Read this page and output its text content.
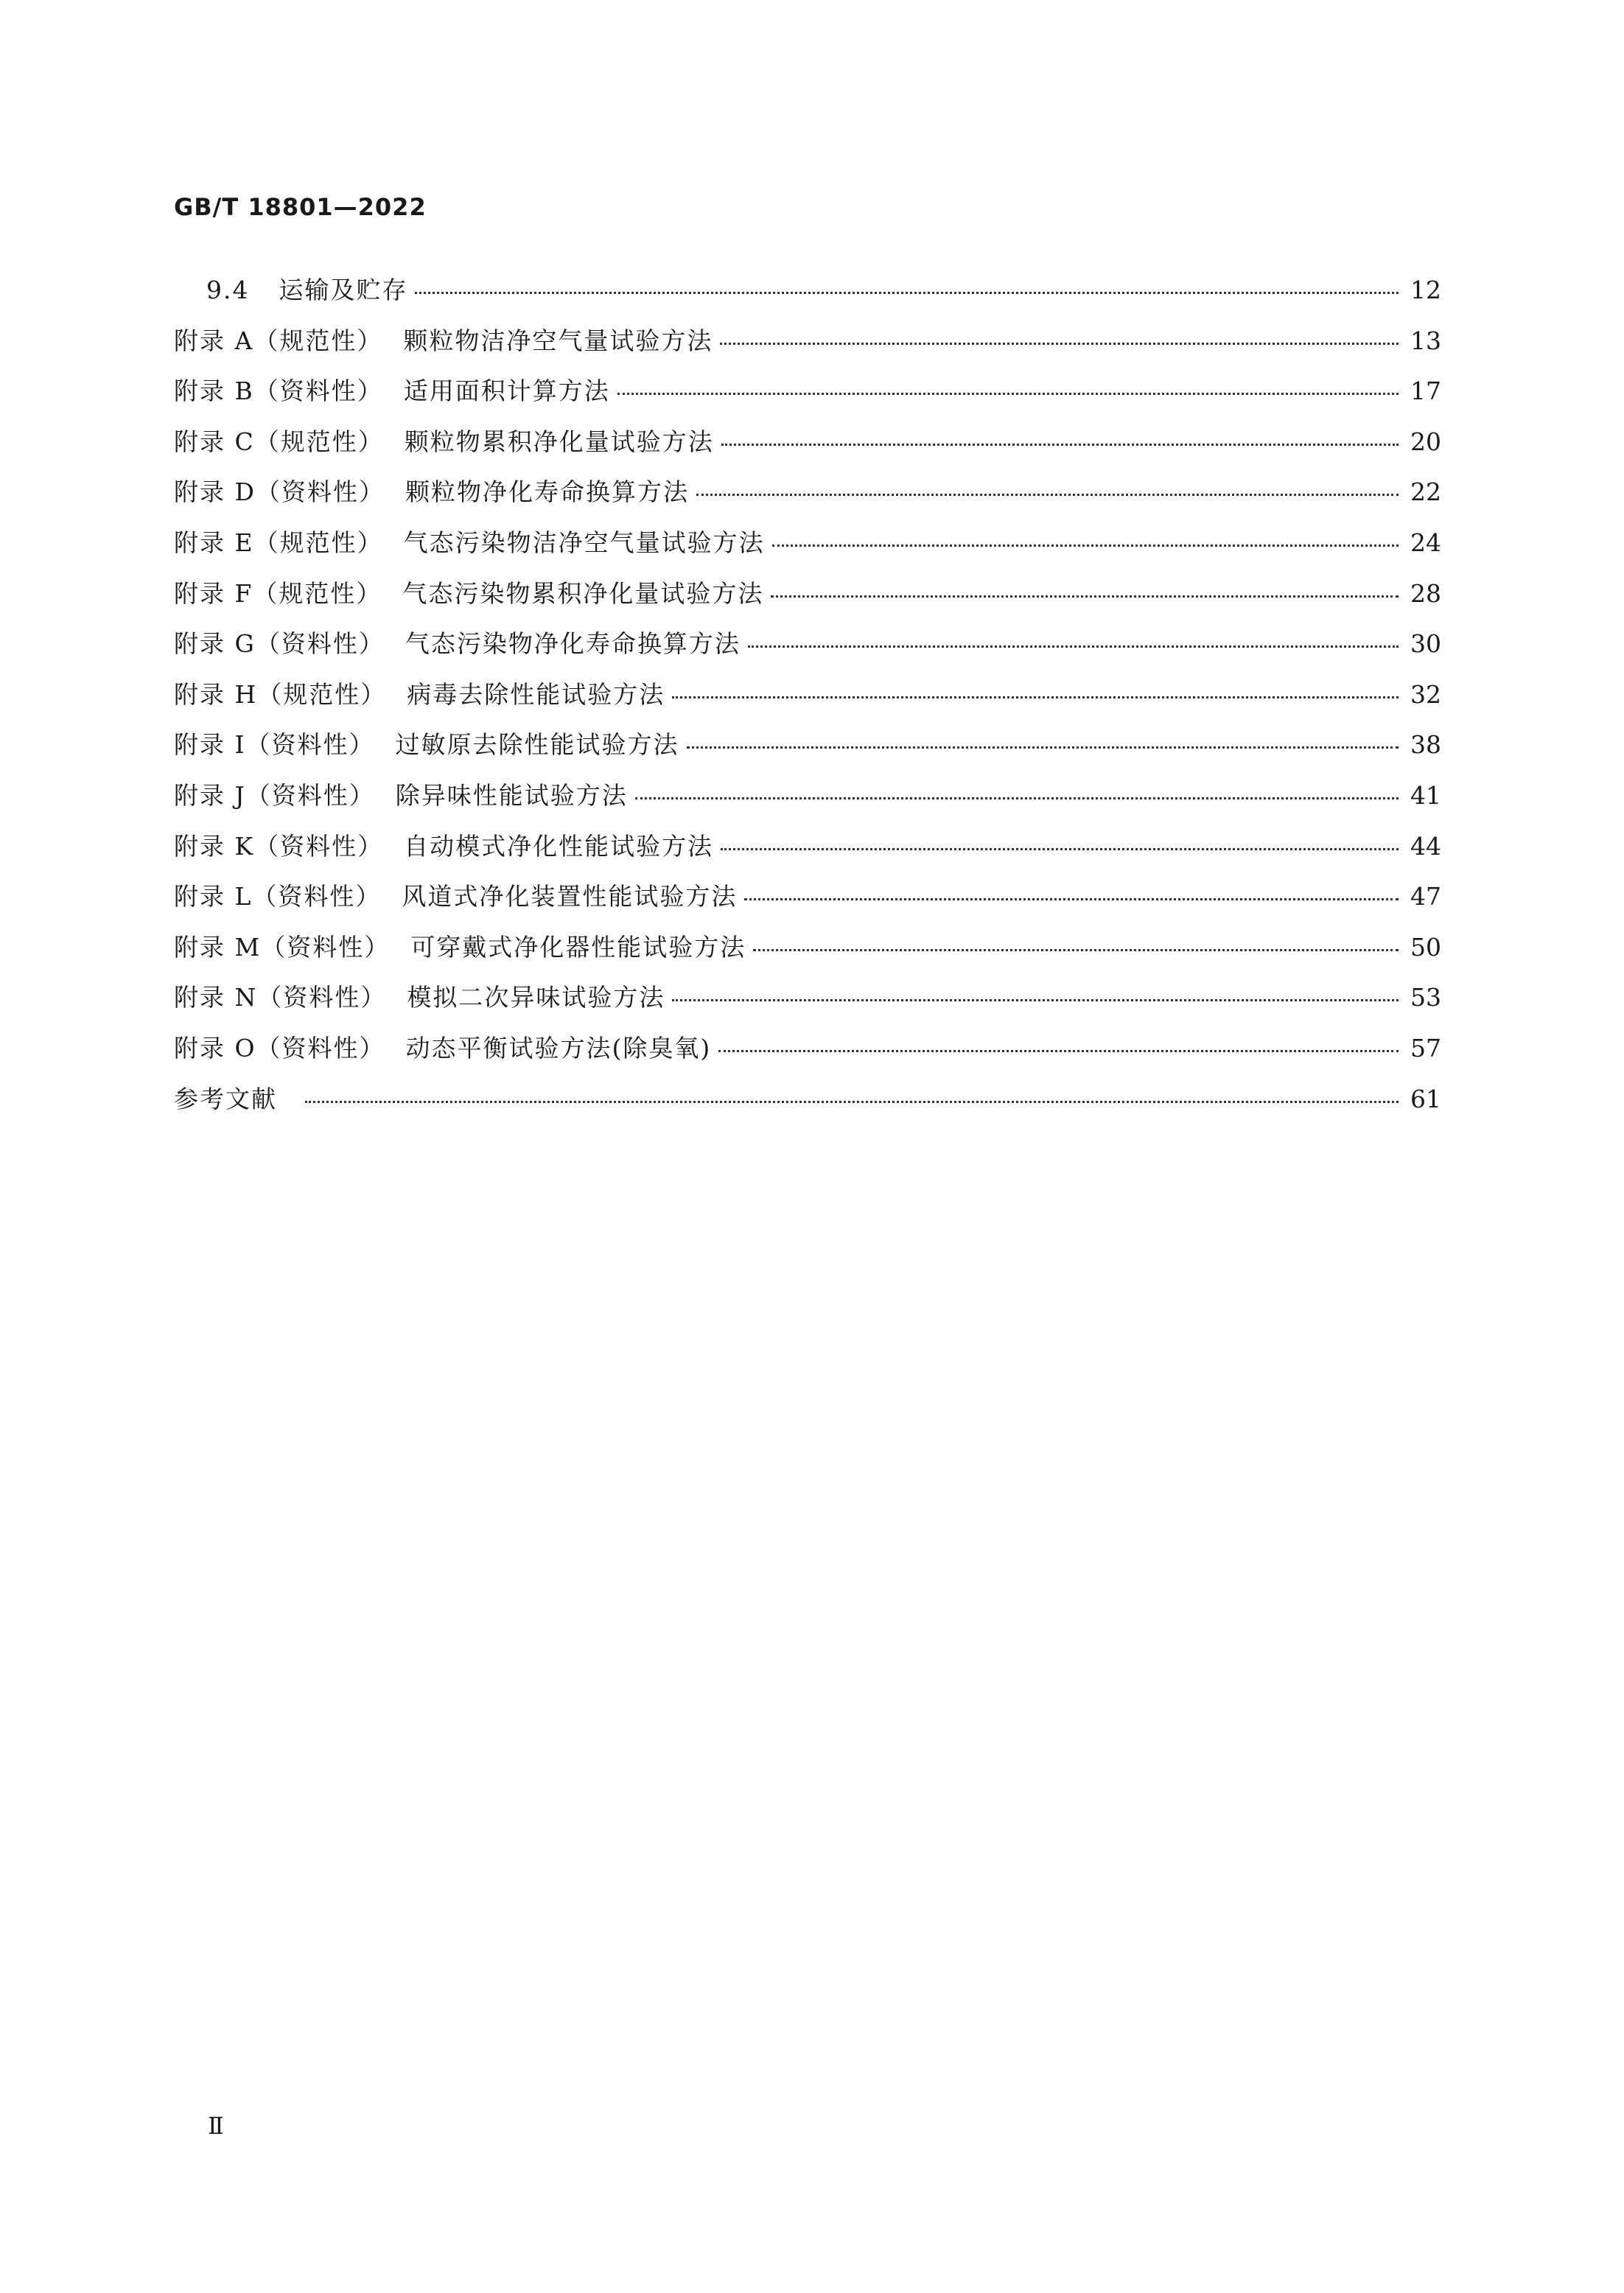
GB/T 18801—2022
9.4 运输及贮存	12
附录 A（规范性） 颗粒物洁净空气量试验方法	13
附录 B（资料性） 适用面积计算方法	17
附录 C（规范性） 颗粒物累积净化量试验方法	20
附录 D（资料性） 颗粒物净化寿命换算方法	22
附录 E（规范性） 气态污染物洁净空气量试验方法	24
附录 F（规范性） 气态污染物累积净化量试验方法	28
附录 G（资料性） 气态污染物净化寿命换算方法	30
附录 H（规范性） 病毒去除性能试验方法	32
附录 I（资料性） 过敏原去除性能试验方法	38
附录 J（资料性） 除异味性能试验方法	41
附录 K（资料性） 自动模式净化性能试验方法	44
附录 L（资料性） 风道式净化装置性能试验方法	47
附录 M（资料性） 可穿戴式净化器性能试验方法	50
附录 N（资料性） 模拟二次异味试验方法	53
附录 O（资料性） 动态平衡试验方法(除臭氧)	57
参考文献	61
Ⅱ
